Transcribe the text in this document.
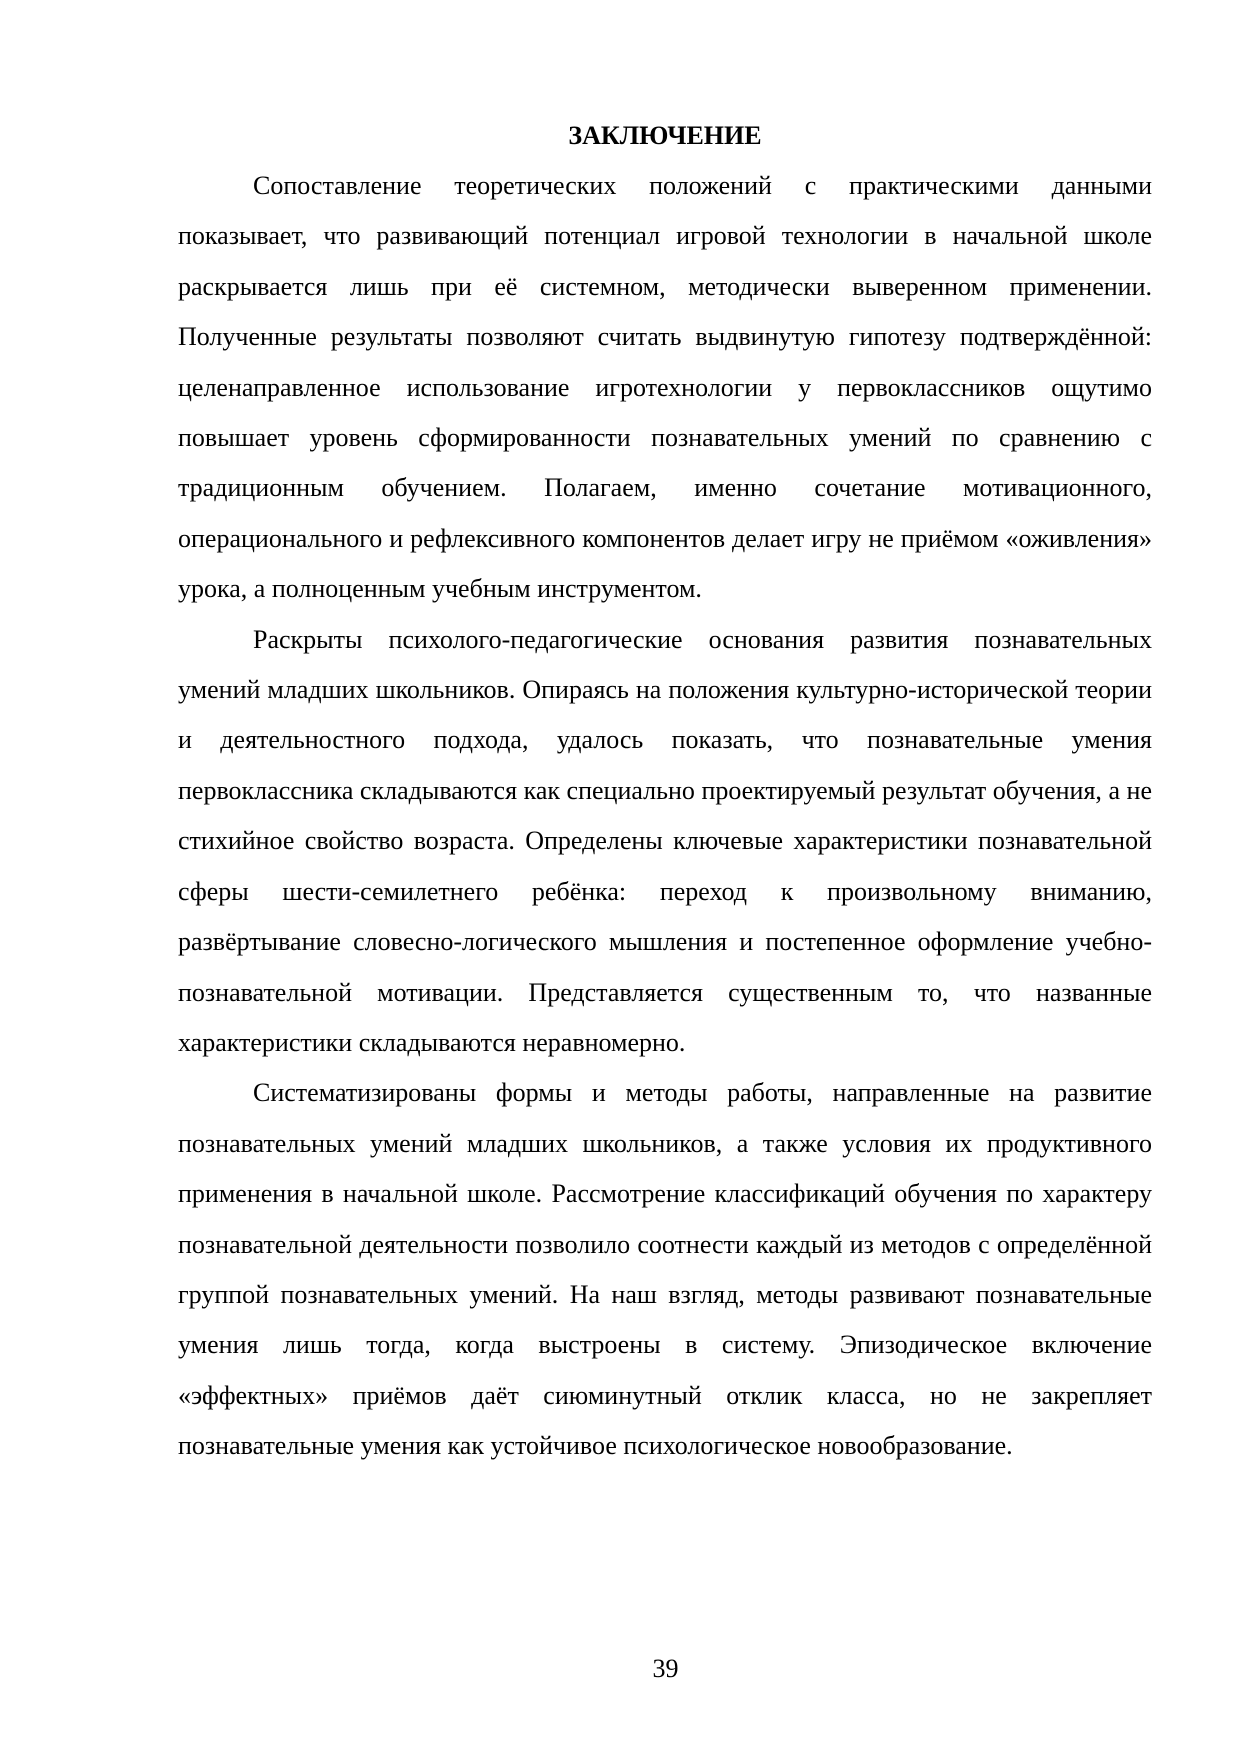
ЗАКЛЮЧЕНИЕ

Сопоставление теоретических положений с практическими данными показывает, что развивающий потенциал игровой технологии в начальной школе раскрывается лишь при её системном, методически выверенном применении. Полученные результаты позволяют считать выдвинутую гипотезу подтверждённой: целенаправленное использование игротехнологии у первоклассников ощутимо повышает уровень сформированности познавательных умений по сравнению с традиционным обучением. Полагаем, именно сочетание мотивационного, операционального и рефлексивного компонентов делает игру не приёмом «оживления» урока, а полноценным учебным инструментом.

Раскрыты психолого-педагогические основания развития познавательных умений младших школьников. Опираясь на положения культурно-исторической теории и деятельностного подхода, удалось показать, что познавательные умения первоклассника складываются как специально проектируемый результат обучения, а не стихийное свойство возраста. Определены ключевые характеристики познавательной сферы шести-семилетнего ребёнка: переход к произвольному вниманию, развёртывание словесно-логического мышления и постепенное оформление учебно-познавательной мотивации. Представляется существенным то, что названные характеристики складываются неравномерно.

Систематизированы формы и методы работы, направленные на развитие познавательных умений младших школьников, а также условия их продуктивного применения в начальной школе. Рассмотрение классификаций обучения по характеру познавательной деятельности позволило соотнести каждый из методов с определённой группой познавательных умений. На наш взгляд, методы развивают познавательные умения лишь тогда, когда выстроены в систему. Эпизодическое включение «эффектных» приёмов даёт сиюминутный отклик класса, но не закрепляет познавательные умения как устойчивое психологическое новообразование.

39
